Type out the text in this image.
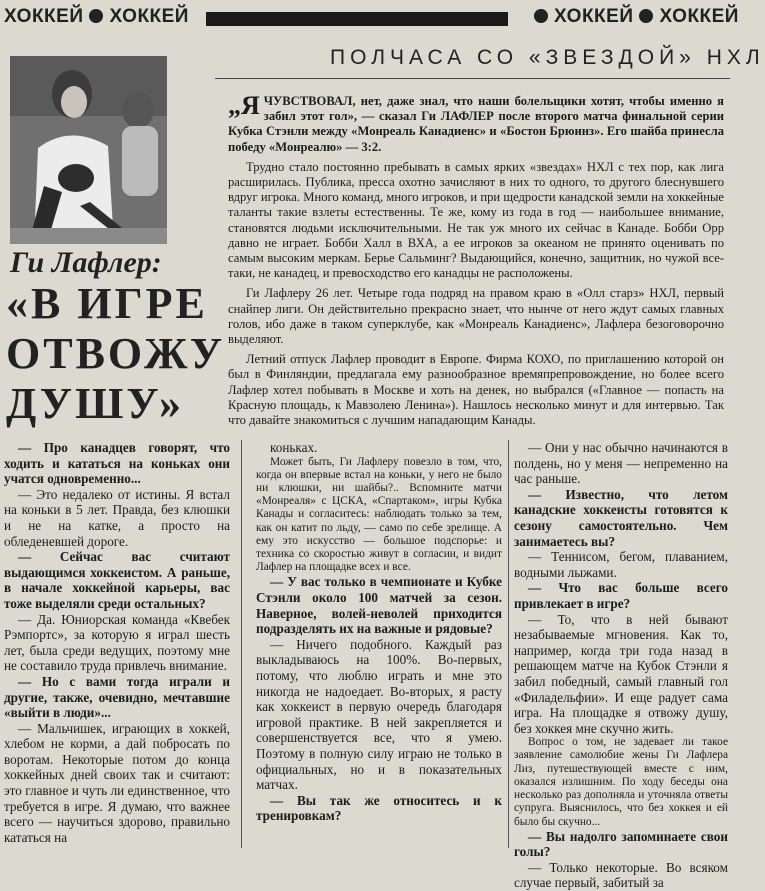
ХОККЕЙ ХОККЕЙ	ХОККЕЙ ХОККЕЙ
ПОЛЧАСА СО «ЗВЕЗДОЙ» НХЛ
Ги Лафлер:
«В ИГРЕ
ОТВОЖУ
ДУШУ»

„ЯЧУВСТВОВАЛ, нет, даже знал, что наши болельщики хотят, чтобы именно я забил этот гол», — сказал Ги ЛАФЛЕР после второго матча финальной серии Кубка Стэнли между «Монреаль Канадиенс» и «Бостон Брюинз». Его шайба принесла победу «Монреалю» — 3:2.

Трудно стало постоянно пребывать в самых ярких «звездах» НХЛ с тех пор, как лига расширилась. Публика, пресса охотно зачисляют в них то одного, то другого блеснувшего вдруг игрока. Много команд, много игроков, и при щедрости канадской земли на хоккейные таланты такие взлеты естественны. Те же, кому из года в год — наибольшее внимание, становятся людьми исключительными. Не так уж много их сейчас в Канаде. Бобби Орр давно не играет. Бобби Халл в ВХА, а ее игроков за океаном не принято оценивать по самым высоким меркам. Берье Сальминг? Выдающийся, конечно, защитник, но чужой все-таки, не канадец, и превосходство его канадцы не расположены.

Ги Лафлеру 26 лет. Четыре года подряд на правом краю в «Олл старз» НХЛ, первый снайпер лиги. Он действительно прекрасно знает, что нынче от него ждут самых главных голов, ибо даже в таком суперклубе, как «Монреаль Канадиенс», Лафлера безоговорочно выделяют.

Летний отпуск Лафлер проводит в Европе. Фирма КОХО, по приглашению которой он был в Финляндии, предлагала ему разнообразное времяпрепровождение, но более всего Лафлер хотел побывать в Москве и хоть на денек, но выбрался («Главное — попасть на Красную площадь, к Мавзолею Ленина»). Нашлось несколько минут и для интервью. Так что давайте знакомиться с лучшим нападающим Канады.

— Про канадцев говорят, что ходить и кататься на коньках они учатся одновременно...

— Это недалеко от истины. Я встал на коньки в 5 лет. Правда, без клюшки и не на катке, а просто на обледеневшей дороге.

— Сейчас вас считают выдающимся хоккеистом. А раньше, в начале хоккейной карьеры, вас тоже выделяли среди остальных?

— Да. Юниорская команда «Квебек Рэмпортс», за которую я играл шесть лет, была среди ведущих, поэтому мне не составило труда привлечь внимание.

— Но с вами тогда играли и другие, также, очевидно, мечтавшие «выйти в люди»...

— Мальчишек, играющих в хоккей, хлебом не корми, а дай побросать по воротам. Некоторые потом до конца хоккейных дней своих так и считают: это главное и чуть ли единственное, что требуется в игре. Я думаю, что важнее всего — научиться здорово, правильно кататься на

коньках.

Может быть, Ги Лафлеру повезло в том, что, когда он впервые встал на коньки, у него не было ни клюшки, ни шайбы?.. Вспомните матчи «Монреаля» с ЦСКА, «Спартаком», игры Кубка Канады и согласитесь: наблюдать только за тем, как он катит по льду, — само по себе зрелище. А ему это искусство — большое подспорье: и техника со скоростью живут в согласии, и видит Лафлер на площадке всех и все.

— У вас только в чемпионате и Кубке Стэнли около 100 матчей за сезон. Наверное, волей-неволей приходится подразделять их на важные и рядовые?

— Ничего подобного. Каждый раз выкладываюсь на 100%. Во-первых, потому, что люблю играть и мне это никогда не надоедает. Во-вторых, я расту как хоккеист в первую очередь благодаря игровой практике. В ней закрепляется и совершенствуется все, что я умею. Поэтому в полную силу играю не только в официальных, но и в показательных матчах.

— Вы так же относитесь и к тренировкам?

— Они у нас обычно начинаются в полдень, но у меня — непременно на час раньше.

— Известно, что летом канадские хоккеисты готовятся к сезону самостоятельно. Чем занимаетесь вы?

— Теннисом, бегом, плаванием, водными лыжами.

— Что вас больше всего привлекает в игре?

— То, что в ней бывают незабываемые мгновения. Как то, например, когда три года назад в решающем матче на Кубок Стэнли я забил победный, самый главный гол «Филадельфии». И еще радует сама игра. На площадке я отвожу душу, без хоккея мне скучно жить.

Вопрос о том, не задевает ли такое заявление самолюбие жены Ги Лафлера Лиз, путешествующей вместе с ним, оказался излишним. По ходу беседы она несколько раз дополняла и уточняла ответы супруга. Выяснилось, что без хоккея и ей было бы скучно...

— Вы надолго запоминаете свои голы?

— Только некоторые. Во всяком случае первый, забитый за
